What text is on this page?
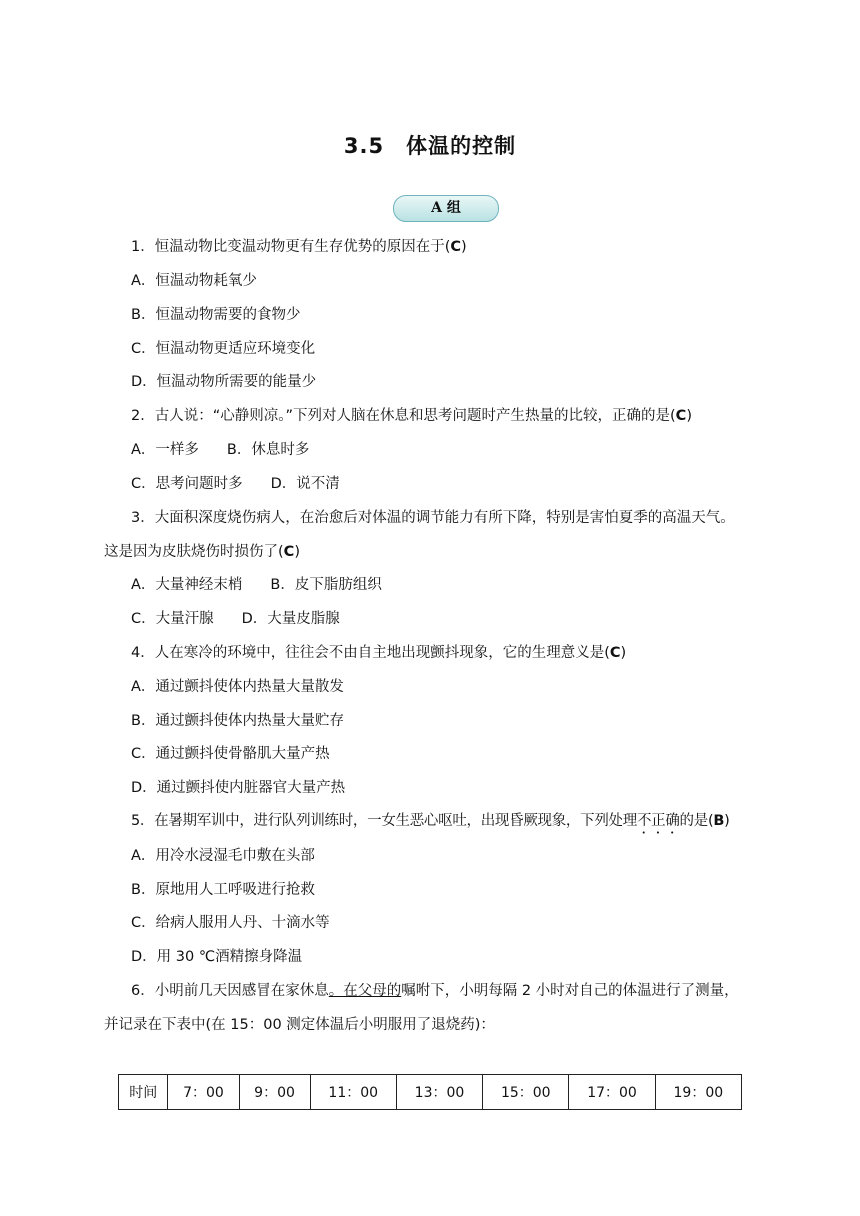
3.5　体温的控制
A 组
1．恒温动物比变温动物更有生存优势的原因在于(C)
A．恒温动物耗氧少
B．恒温动物需要的食物少
C．恒温动物更适应环境变化
D．恒温动物所需要的能量少
2．古人说：“心静则凉。”下列对人脑在休息和思考问题时产生热量的比较，正确的是(C)
A．一样多 B．休息时多
C．思考问题时多 D．说不清
3．大面积深度烧伤病人，在治愈后对体温的调节能力有所下降，特别是害怕夏季的高温天气。
这是因为皮肤烧伤时损伤了(C)
A．大量神经末梢 B．皮下脂肪组织
C．大量汗腺 D．大量皮脂腺
4．人在寒冷的环境中，往往会不由自主地出现颤抖现象，它的生理意义是(C)
A．通过颤抖使体内热量大量散发
B．通过颤抖使体内热量大量贮存
C．通过颤抖使骨骼肌大量产热
D．通过颤抖使内脏器官大量产热
5．在暑期军训中，进行队列训练时，一女生恶心呕吐，出现昏厥现象，下列处理不正确的是(B)
A．用冷水浸湿毛巾敷在头部
B．原地用人工呼吸进行抢救
C．给病人服用人丹、十滴水等
D．用 30 ℃酒精擦身降温
6．小明前几天因感冒在家休息。在父母的嘱咐下，小明每隔 2 小时对自己的体温进行了测量，
并记录在下表中(在 15：00 测定体温后小明服用了退烧药)：
时间	7：00	9：00	11：00	13：00	15：00	17：00	19：00
